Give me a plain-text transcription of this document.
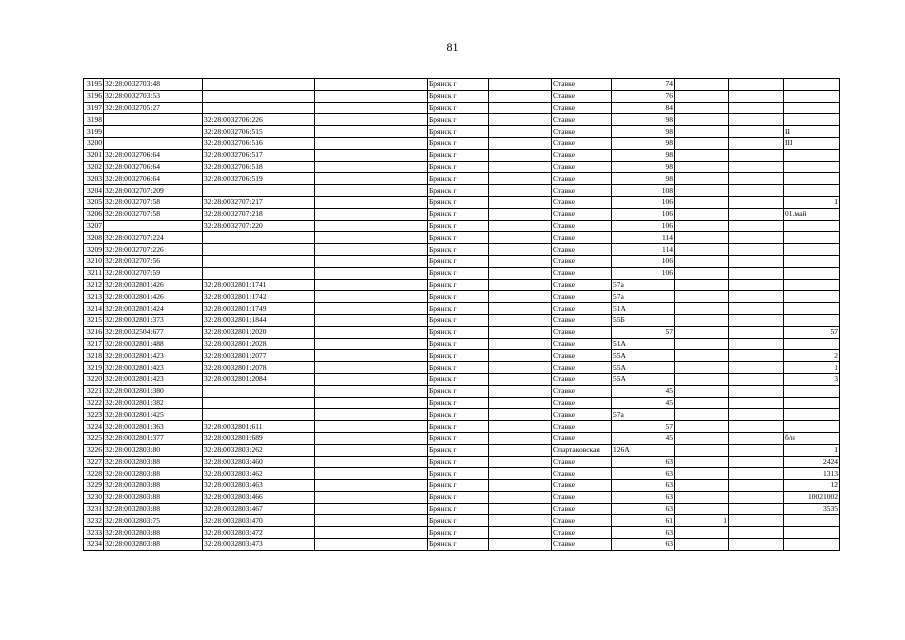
81
3195	32:28:0032703:48			Брянск г		Ставке	74			
3196	32:28:0032703:53			Брянск г		Ставке	76			
3197	32:28:0032705:27			Брянск г		Ставке	84			
3198		32:28:0032706:226		Брянск г		Ставке	98			
3199		32:28:0032706:515		Брянск г		Ставке	98			II
3200		32:28:0032706:516		Брянск г		Ставке	98			III
3201	32:28:0032706:64	32:28:0032706:517		Брянск г		Ставке	98			
3202	32:28:0032706:64	32:28:0032706:518		Брянск г		Ставке	98			
3203	32:28:0032706:64	32:28:0032706:519		Брянск г		Ставке	98			
3204	32:28:0032707:209			Брянск г		Ставке	108			
3205	32:28:0032707:58	32:28:0032707:217		Брянск г		Ставке	106			1
3206	32:28:0032707:58	32:28:0032707:218		Брянск г		Ставке	106			01.май
3207		32:28:0032707:220		Брянск г		Ставке	106			
3208	32:28:0032707:224			Брянск г		Ставке	114			
3209	32:28:0032707:226			Брянск г		Ставке	114			
3210	32:28:0032707:56			Брянск г		Ставке	106			
3211	32:28:0032707:59			Брянск г		Ставке	106			
3212	32:28:0032801:426	32:28:0032801:1741		Брянск г		Ставке	57а			
3213	32:28:0032801:426	32:28:0032801:1742		Брянск г		Ставке	57а			
3214	32:28:0032801:424	32:28:0032801:1749		Брянск г		Ставке	51А			
3215	32:28:0032801:373	32:28:0032801:1844		Брянск г		Ставке	55Б			
3216	32:28:0032504:677	32:28:0032801:2020		Брянск г		Ставке	57			57
3217	32:28:0032801:488	32:28:0032801:2028		Брянск г		Ставке	51А			
3218	32:28:0032801:423	32:28:0032801:2077		Брянск г		Ставке	55А			2
3219	32:28:0032801:423	32:28:0032801:2078		Брянск г		Ставке	55А			1
3220	32:28:0032801:423	32:28:0032801:2084		Брянск г		Ставке	55А			3
3221	32:28:0032801:380			Брянск г		Ставке	45			
3222	32:28:0032801:382			Брянск г		Ставке	45			
3223	32:28:0032801:425			Брянск г		Ставке	57а			
3224	32:28:0032801:363	32:28:0032801:611		Брянск г		Ставке	57			
3225	32:28:0032801:377	32:28:0032801:689		Брянск г		Ставке	45			б/н
3226	32:28:0032803:80	32:28:0032803:262		Брянск г		Спартаковская	126А			1
3227	32:28:0032803:88	32:28:0032803:460		Брянск г		Ставке	63			2424
3228	32:28:0032803:88	32:28:0032803:462		Брянск г		Ставке	63			1313
3229	32:28:0032803:88	32:28:0032803:463		Брянск г		Ставке	63			12
3230	32:28:0032803:88	32:28:0032803:466		Брянск г		Ставке	63			10021002
3231	32:28:0032803:88	32:28:0032803:467		Брянск г		Ставке	63			3535
3232	32:28:0032803:75	32:28:0032803:470		Брянск г		Ставке	61	1		
3233	32:28:0032803:88	32:28:0032803:472		Брянск г		Ставке	63			
3234	32:28:0032803:88	32:28:0032803:473		Брянск г		Ставке	63			
